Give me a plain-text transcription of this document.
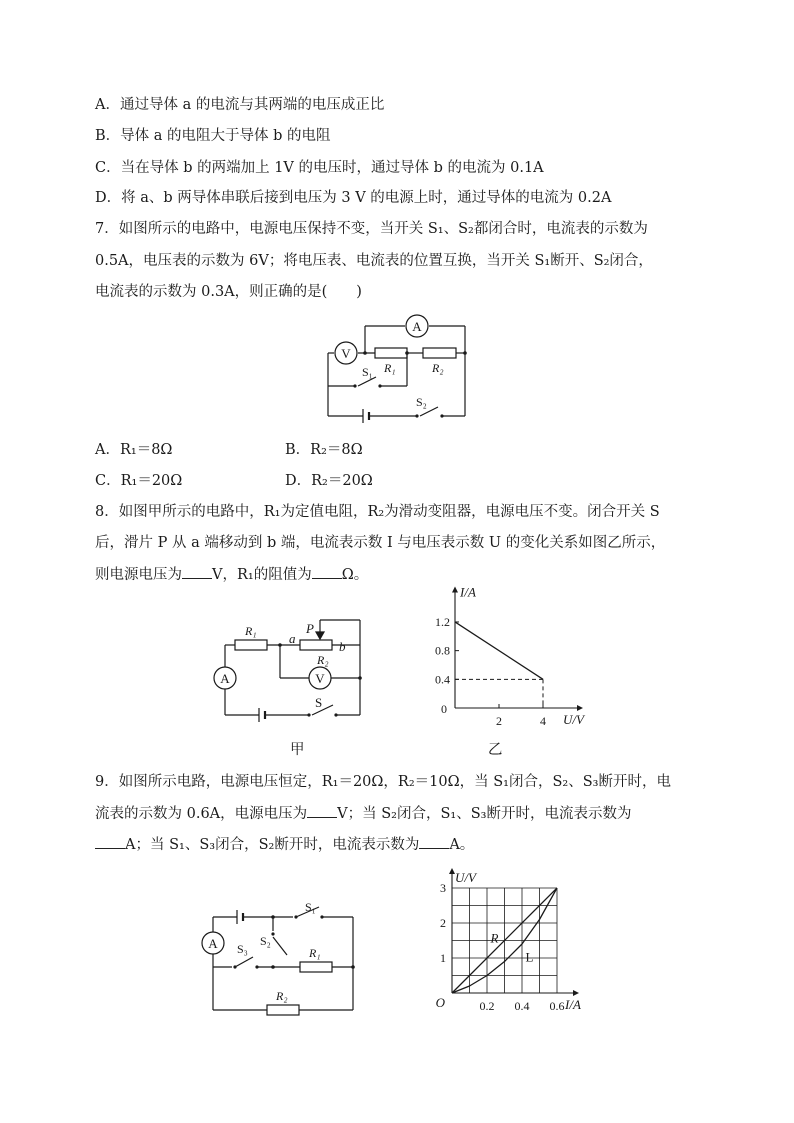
A．通过导体 a 的电流与其两端的电压成正比
B．导体 a 的电阻大于导体 b 的电阻
C．当在导体 b 的两端加上 1V 的电压时，通过导体 b 的电流为 0.1A
D．将 a、b 两导体串联后接到电压为 3 V 的电源上时，通过导体的电流为 0.2A
7．如图所示的电路中，电源电压保持不变，当开关 S₁、S₂都闭合时，电流表的示数为
0.5A，电压表的示数为 6V；将电压表、电流表的位置互换，当开关 S₁断开、S₂闭合，
电流表的示数为 0.3A，则正确的是(　　)
A
V
R₁	R₂
S₁
S₂
A．R₁＝8Ω	B．R₂＝8Ω
C．R₁＝20Ω	D．R₂＝20Ω
8．如图甲所示的电路中，R₁为定值电阻，R₂为滑动变阻器，电源电压不变。闭合开关 S
后，滑片 P 从 a 端移动到 b 端，电流表示数 I 与电压表示数 U 的变化关系如图乙所示，
则电源电压为 V，R₁的阻值为 Ω。
R₁ a
b
P
R₂
A	V
S
甲
I/A
U/V
0
2	4
0.4
0.8
1.2
乙
9．如图所示电路，电源电压恒定，R₁＝20Ω，R₂＝10Ω，当 S₁闭合，S₂、S₃断开时，电
流表的示数为 0.6A，电源电压为 V；当 S₂闭合，S₁、S₃断开时，电流表示数为
A；当 S₁、S₃闭合，S₂断开时，电流表示数为 A。
A
S₁
S₂
S₃	R₁
R₂
U/V
I/A
O	0.2 0.4 0.6
1
2
3
R
L
